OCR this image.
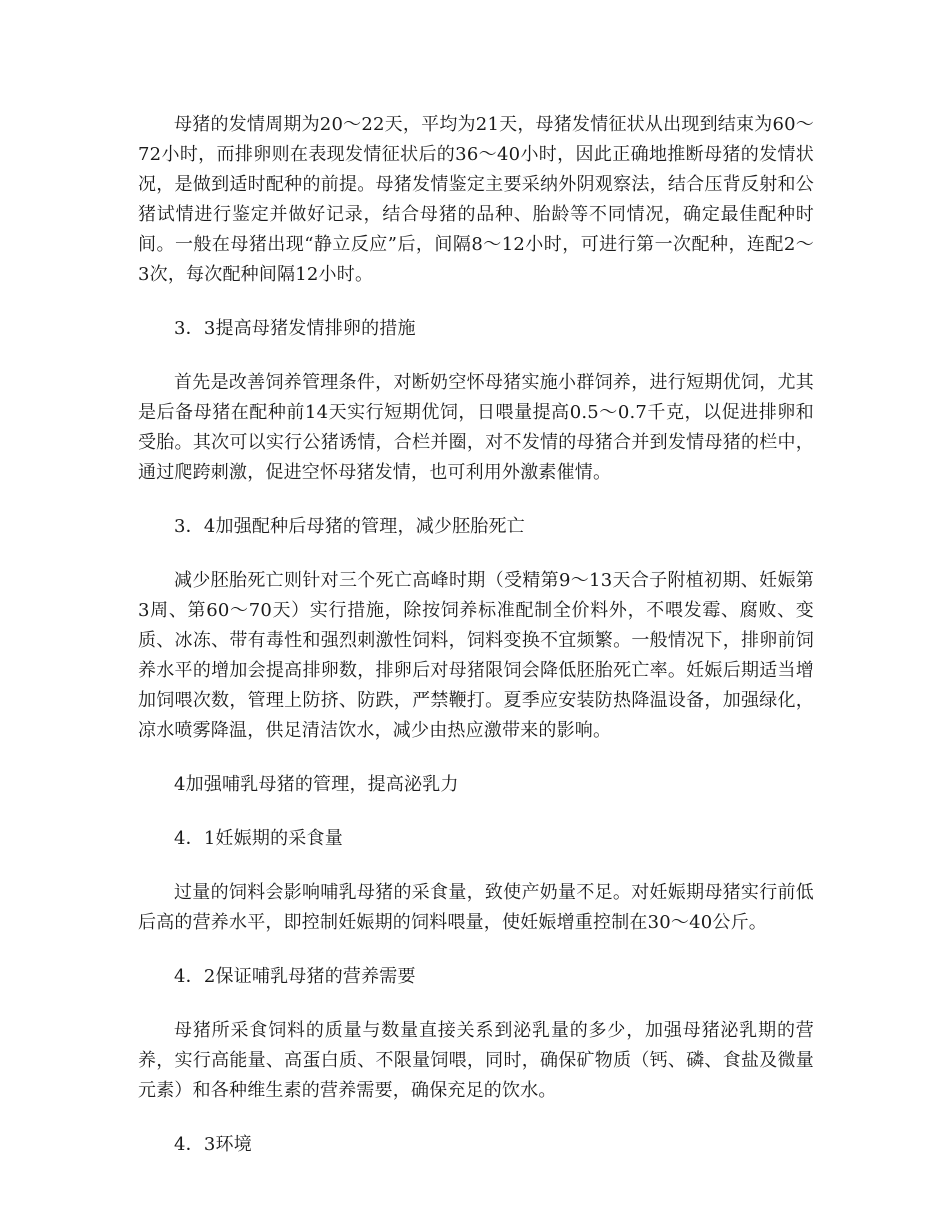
母猪的发情周期为20～22天，平均为21天，母猪发情征状从出现到结束为60～72小时，而排卵则在表现发情征状后的36～40小时，因此正确地推断母猪的发情状况，是做到适时配种的前提。母猪发情鉴定主要采纳外阴观察法，结合压背反射和公猪试情进行鉴定并做好记录，结合母猪的品种、胎龄等不同情况，确定最佳配种时间。一般在母猪出现“静立反应”后，间隔8～12小时，可进行第一次配种，连配2～3次，每次配种间隔12小时。

3．3提高母猪发情排卵的措施

首先是改善饲养管理条件，对断奶空怀母猪实施小群饲养，进行短期优饲，尤其是后备母猪在配种前14天实行短期优饲，日喂量提高0.5～0.7千克，以促进排卵和受胎。其次可以实行公猪诱情，合栏并圈，对不发情的母猪合并到发情母猪的栏中，通过爬跨刺激，促进空怀母猪发情，也可利用外激素催情。

3．4加强配种后母猪的管理，减少胚胎死亡

减少胚胎死亡则针对三个死亡高峰时期（受精第9～13天合子附植初期、妊娠第3周、第60～70天）实行措施，除按饲养标准配制全价料外，不喂发霉、腐败、变质、冰冻、带有毒性和强烈刺激性饲料，饲料变换不宜频繁。一般情况下，排卵前饲养水平的增加会提高排卵数，排卵后对母猪限饲会降低胚胎死亡率。妊娠后期适当增加饲喂次数，管理上防挤、防跌，严禁鞭打。夏季应安装防热降温设备，加强绿化，凉水喷雾降温，供足清洁饮水，减少由热应激带来的影响。

4加强哺乳母猪的管理，提高泌乳力

4．1妊娠期的采食量

过量的饲料会影响哺乳母猪的采食量，致使产奶量不足。对妊娠期母猪实行前低后高的营养水平，即控制妊娠期的饲料喂量，使妊娠增重控制在30～40公斤。

4．2保证哺乳母猪的营养需要

母猪所采食饲料的质量与数量直接关系到泌乳量的多少，加强母猪泌乳期的营养，实行高能量、高蛋白质、不限量饲喂，同时，确保矿物质（钙、磷、食盐及微量元素）和各种维生素的营养需要，确保充足的饮水。

4．3环境
